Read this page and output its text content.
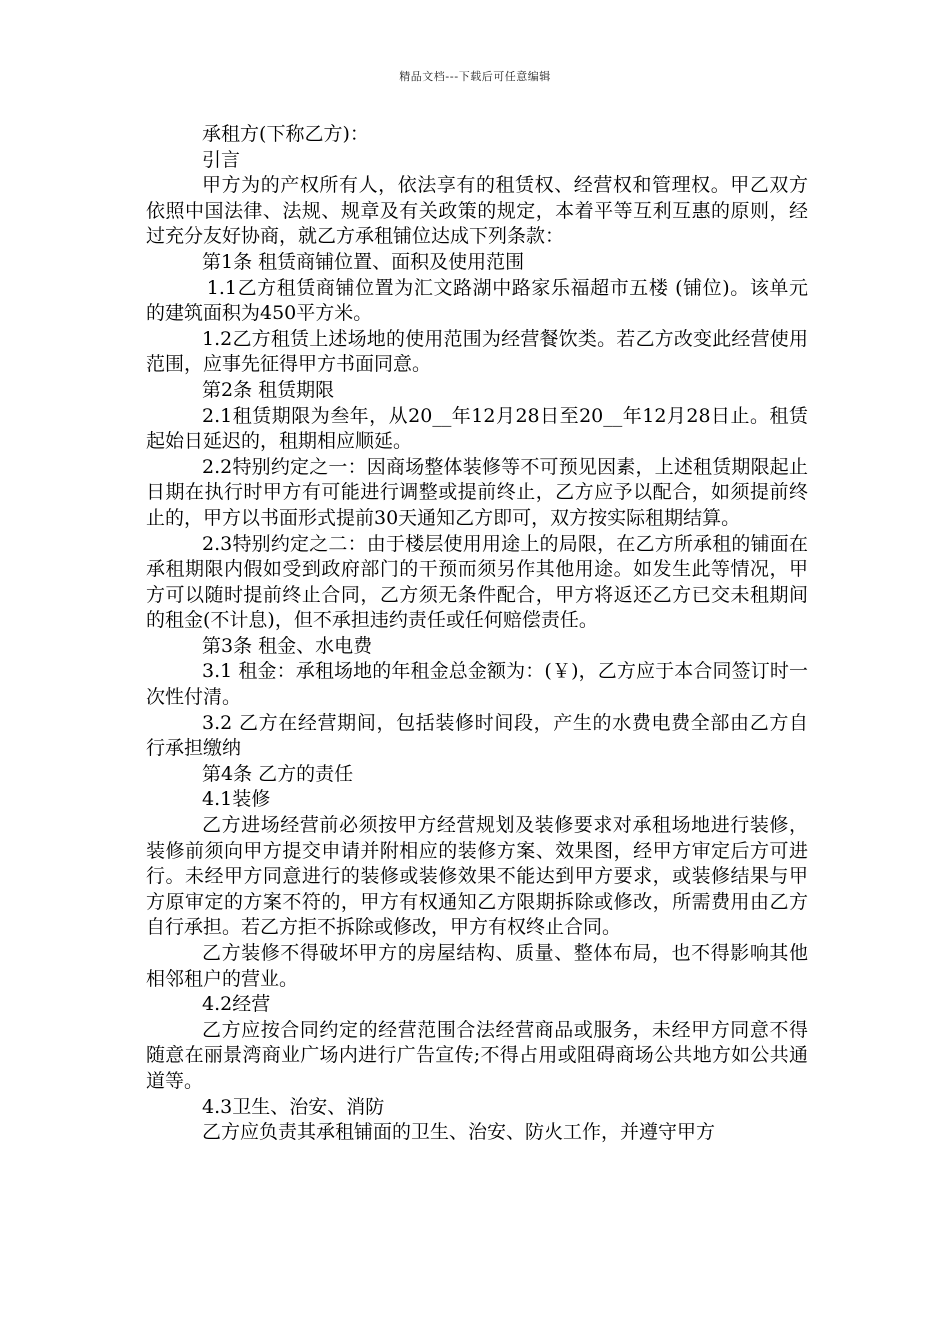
精品文档---下载后可任意编辑

承租方(下称乙方)：

引言

甲方为的产权所有人，依法享有的租赁权、经营权和管理权。甲乙双方依照中国法律、法规、规章及有关政策的规定，本着平等互利互惠的原则，经过充分友好协商，就乙方承租铺位达成下列条款：

第1条 租赁商铺位置、面积及使用范围

1.1乙方租赁商铺位置为汇文路湖中路家乐福超市五楼 (铺位)。该单元的建筑面积为450平方米。

1.2乙方租赁上述场地的使用范围为经营餐饮类。若乙方改变此经营使用范围，应事先征得甲方书面同意。

第2条 租赁期限

2.1租赁期限为叁年，从20__年12月28日至20__年12月28日止。租赁起始日延迟的，租期相应顺延。

2.2特别约定之一：因商场整体装修等不可预见因素，上述租赁期限起止日期在执行时甲方有可能进行调整或提前终止，乙方应予以配合，如须提前终止的，甲方以书面形式提前30天通知乙方即可，双方按实际租期结算。

2.3特别约定之二：由于楼层使用用途上的局限，在乙方所承租的铺面在承租期限内假如受到政府部门的干预而须另作其他用途。如发生此等情况，甲方可以随时提前终止合同，乙方须无条件配合，甲方将返还乙方已交未租期间的租金(不计息)，但不承担违约责任或任何赔偿责任。

第3条 租金、水电费

3.1 租金：承租场地的年租金总金额为：(￥)，乙方应于本合同签订时一次性付清。

3.2 乙方在经营期间，包括装修时间段，产生的水费电费全部由乙方自行承担缴纳

第4条 乙方的责任

4.1装修

乙方进场经营前必须按甲方经营规划及装修要求对承租场地进行装修，装修前须向甲方提交申请并附相应的装修方案、效果图，经甲方审定后方可进行。未经甲方同意进行的装修或装修效果不能达到甲方要求，或装修结果与甲方原审定的方案不符的，甲方有权通知乙方限期拆除或修改，所需费用由乙方自行承担。若乙方拒不拆除或修改，甲方有权终止合同。

乙方装修不得破坏甲方的房屋结构、质量、整体布局，也不得影响其他相邻租户的营业。

4.2经营

乙方应按合同约定的经营范围合法经营商品或服务，未经甲方同意不得随意在丽景湾商业广场内进行广告宣传;不得占用或阻碍商场公共地方如公共通道等。

4.3卫生、治安、消防

乙方应负责其承租铺面的卫生、治安、防火工作，并遵守甲方
